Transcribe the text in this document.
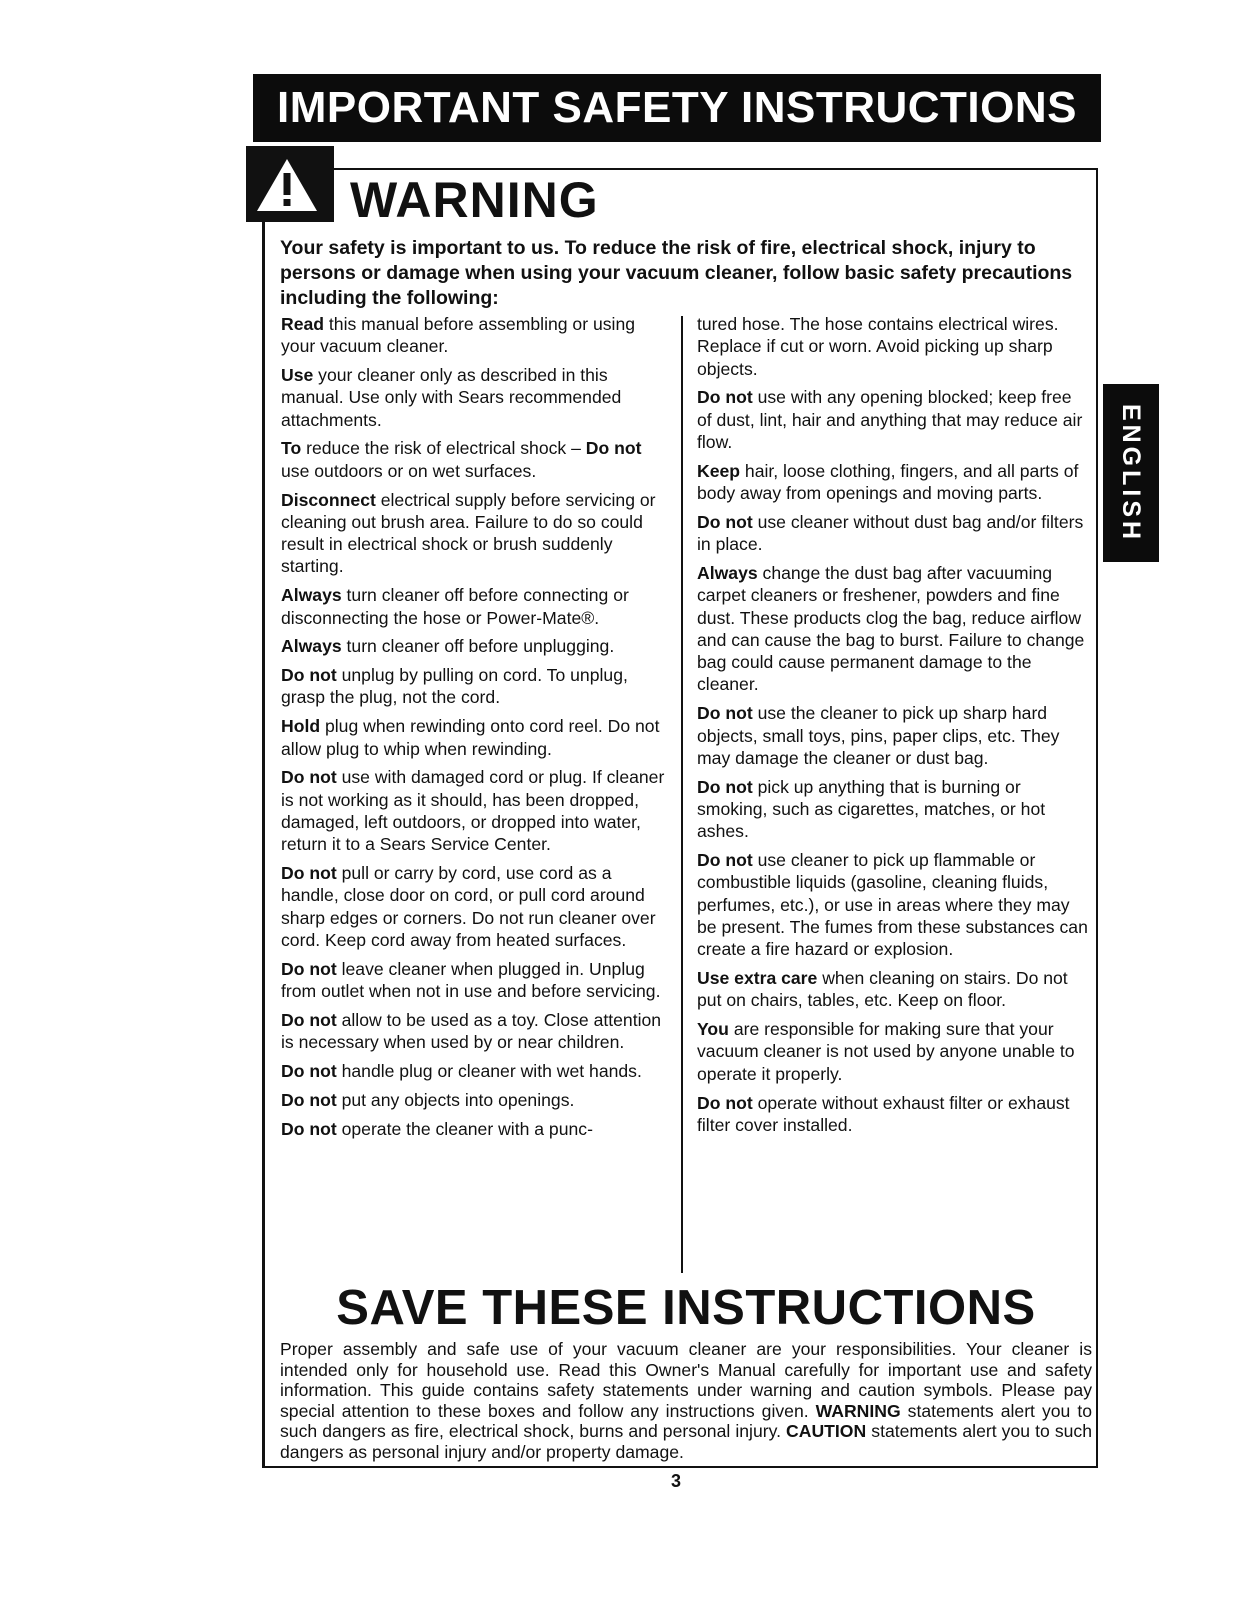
IMPORTANT SAFETY INSTRUCTIONS
WARNING
Your safety is important to us. To reduce the risk of fire, electrical shock, injury to persons or damage when using your vacuum cleaner, follow basic safety precautions including the following:

Read this manual before assembling or using your vacuum cleaner.

Use your cleaner only as described in this manual. Use only with Sears recommended attachments.

To reduce the risk of electrical shock – Do not use outdoors or on wet surfaces.

Disconnect electrical supply before servicing or cleaning out brush area. Failure to do so could result in electrical shock or brush suddenly starting.

Always turn cleaner off before connecting or disconnecting the hose or Power-Mate®.

Always turn cleaner off before unplugging.

Do not unplug by pulling on cord. To unplug, grasp the plug, not the cord.

Hold plug when rewinding onto cord reel. Do not allow plug to whip when rewinding.

Do not use with damaged cord or plug. If cleaner is not working as it should, has been dropped, damaged, left outdoors, or dropped into water, return it to a Sears Service Center.

Do not pull or carry by cord, use cord as a handle, close door on cord, or pull cord around sharp edges or corners. Do not run cleaner over cord. Keep cord away from heated surfaces.

Do not leave cleaner when plugged in. Unplug from outlet when not in use and before servicing.

Do not allow to be used as a toy. Close attention is necessary when used by or near children.

Do not handle plug or cleaner with wet hands.

Do not put any objects into openings.

Do not operate the cleaner with a punc-

tured hose. The hose contains electrical wires. Replace if cut or worn. Avoid picking up sharp objects.

Do not use with any opening blocked; keep free of dust, lint, hair and anything that may reduce air flow.

Keep hair, loose clothing, fingers, and all parts of body away from openings and moving parts.

Do not use cleaner without dust bag and/or filters in place.

Always change the dust bag after vacuuming carpet cleaners or freshener, powders and fine dust. These products clog the bag, reduce airflow and can cause the bag to burst. Failure to change bag could cause permanent damage to the cleaner.

Do not use the cleaner to pick up sharp hard objects, small toys, pins, paper clips, etc. They may damage the cleaner or dust bag.

Do not pick up anything that is burning or smoking, such as cigarettes, matches, or hot ashes.

Do not use cleaner to pick up flammable or combustible liquids (gasoline, cleaning fluids, perfumes, etc.), or use in areas where they may be present. The fumes from these substances can create a fire hazard or explosion.

Use extra care when cleaning on stairs. Do not put on chairs, tables, etc. Keep on floor.

You are responsible for making sure that your vacuum cleaner is not used by anyone unable to operate it properly.

Do not operate without exhaust filter or exhaust filter cover installed.

SAVE THESE INSTRUCTIONS
Proper assembly and safe use of your vacuum cleaner are your responsibilities. Your cleaner is intended only for household use. Read this Owner's Manual carefully for important use and safety information. This guide contains safety statements under warning and caution symbols. Please pay special attention to these boxes and follow any instructions given. WARNING statements alert you to such dangers as fire, electrical shock, burns and personal injury. CAUTION statements alert you to such dangers as personal injury and/or property damage.
3
ENGLISH
